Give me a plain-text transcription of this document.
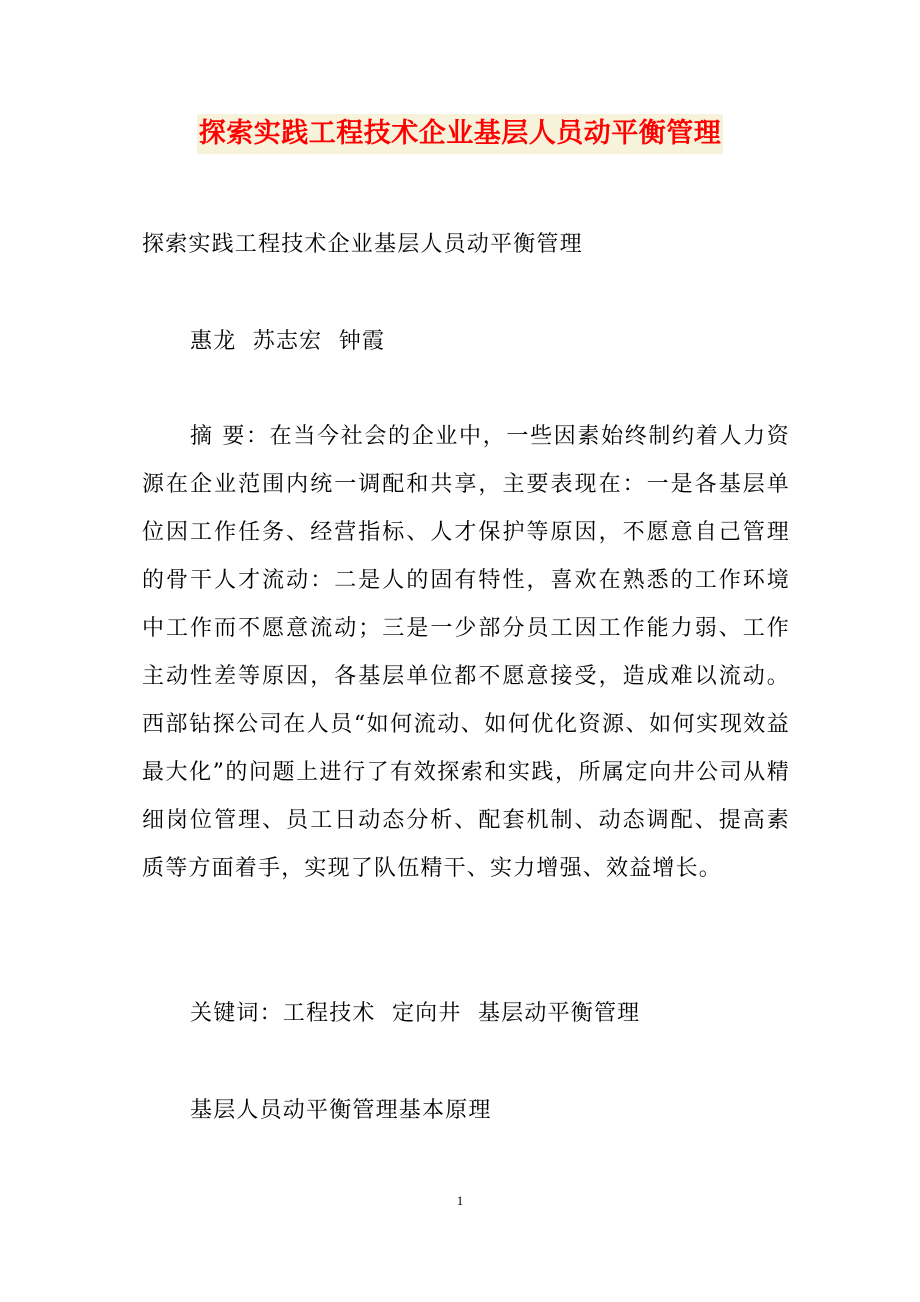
探索实践工程技术企业基层人员动平衡管理

探索实践工程技术企业基层人员动平衡管理

惠龙  苏志宏  钟霞

摘 要：在当今社会的企业中，一些因素始终制约着人力资源在企业范围内统一调配和共享，主要表现在：一是各基层单位因工作任务、经营指标、人才保护等原因，不愿意自己管理的骨干人才流动：二是人的固有特性，喜欢在熟悉的工作环境中工作而不愿意流动；三是一少部分员工因工作能力弱、工作主动性差等原因，各基层单位都不愿意接受，造成难以流动。西部钻探公司在人员“如何流动、如何优化资源、如何实现效益最大化”的问题上进行了有效探索和实践，所属定向井公司从精细岗位管理、员工日动态分析、配套机制、动态调配、提高素质等方面着手，实现了队伍精干、实力增强、效益增长。

关键词：工程技术  定向井  基层动平衡管理

基层人员动平衡管理基本原理

1
